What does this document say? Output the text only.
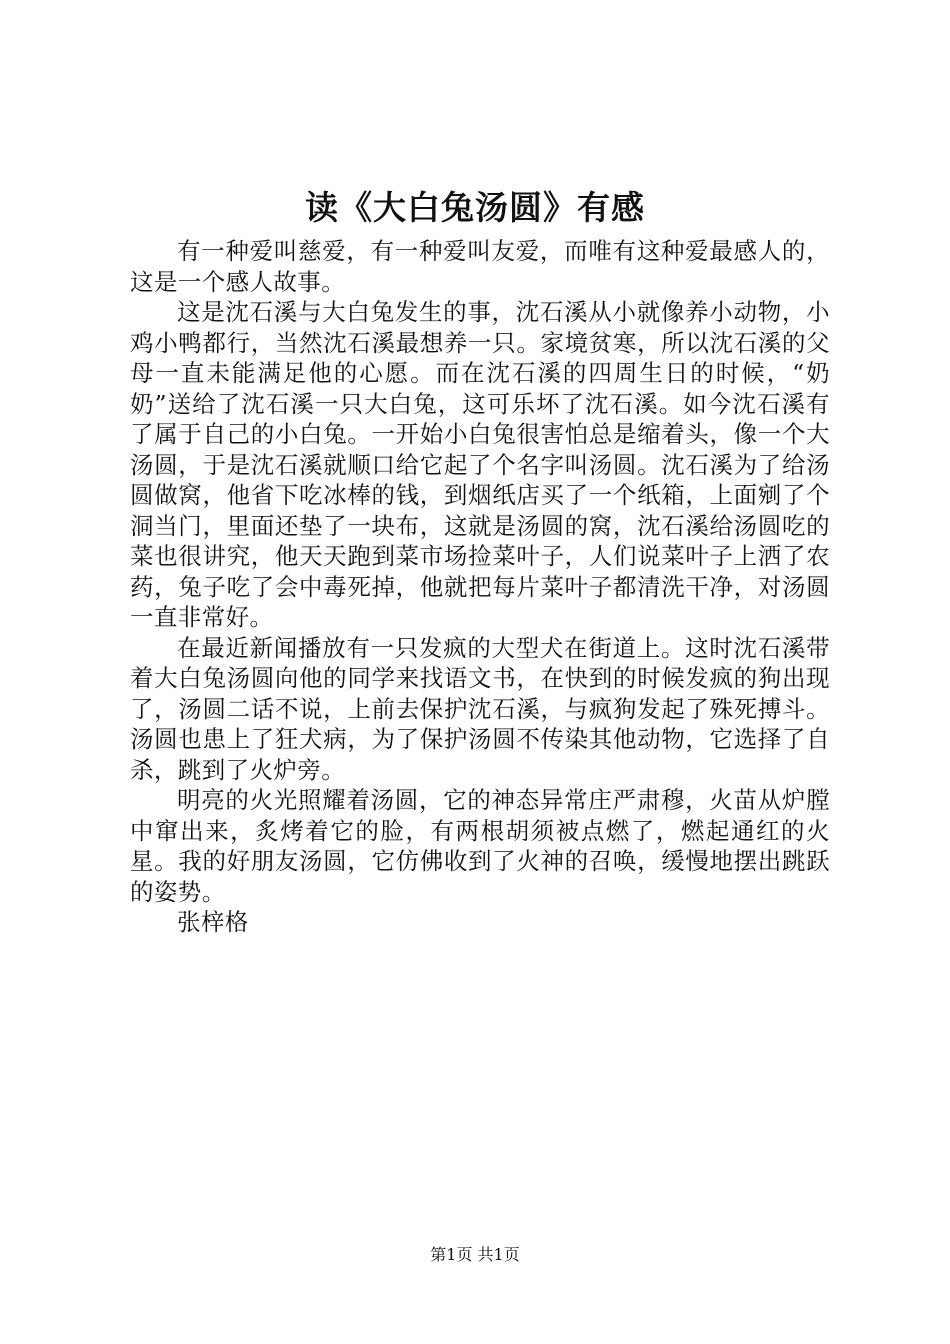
读《大白兔汤圆》有感

有一种爱叫慈爱，有一种爱叫友爱，而唯有这种爱最感人的，这是一个感人故事。

这是沈石溪与大白兔发生的事，沈石溪从小就像养小动物，小鸡小鸭都行，当然沈石溪最想养一只。家境贫寒，所以沈石溪的父母一直未能满足他的心愿。而在沈石溪的四周生日的时候，“奶奶”送给了沈石溪一只大白兔，这可乐坏了沈石溪。如今沈石溪有了属于自己的小白兔。一开始小白兔很害怕总是缩着头，像一个大汤圆，于是沈石溪就顺口给它起了个名字叫汤圆。沈石溪为了给汤圆做窝，他省下吃冰棒的钱，到烟纸店买了一个纸箱，上面剜了个洞当门，里面还垫了一块布，这就是汤圆的窝，沈石溪给汤圆吃的菜也很讲究，他天天跑到菜市场捡菜叶子，人们说菜叶子上洒了农药，兔子吃了会中毒死掉，他就把每片菜叶子都清洗干净，对汤圆一直非常好。

在最近新闻播放有一只发疯的大型犬在街道上。这时沈石溪带着大白兔汤圆向他的同学来找语文书，在快到的时候发疯的狗出现了，汤圆二话不说，上前去保护沈石溪，与疯狗发起了殊死搏斗。汤圆也患上了狂犬病，为了保护汤圆不传染其他动物，它选择了自杀，跳到了火炉旁。

明亮的火光照耀着汤圆，它的神态异常庄严肃穆，火苗从炉膛中窜出来，炙烤着它的脸，有两根胡须被点燃了，燃起通红的火星。我的好朋友汤圆，它仿佛收到了火神的召唤，缓慢地摆出跳跃的姿势。

张梓格

第1页 共1页
